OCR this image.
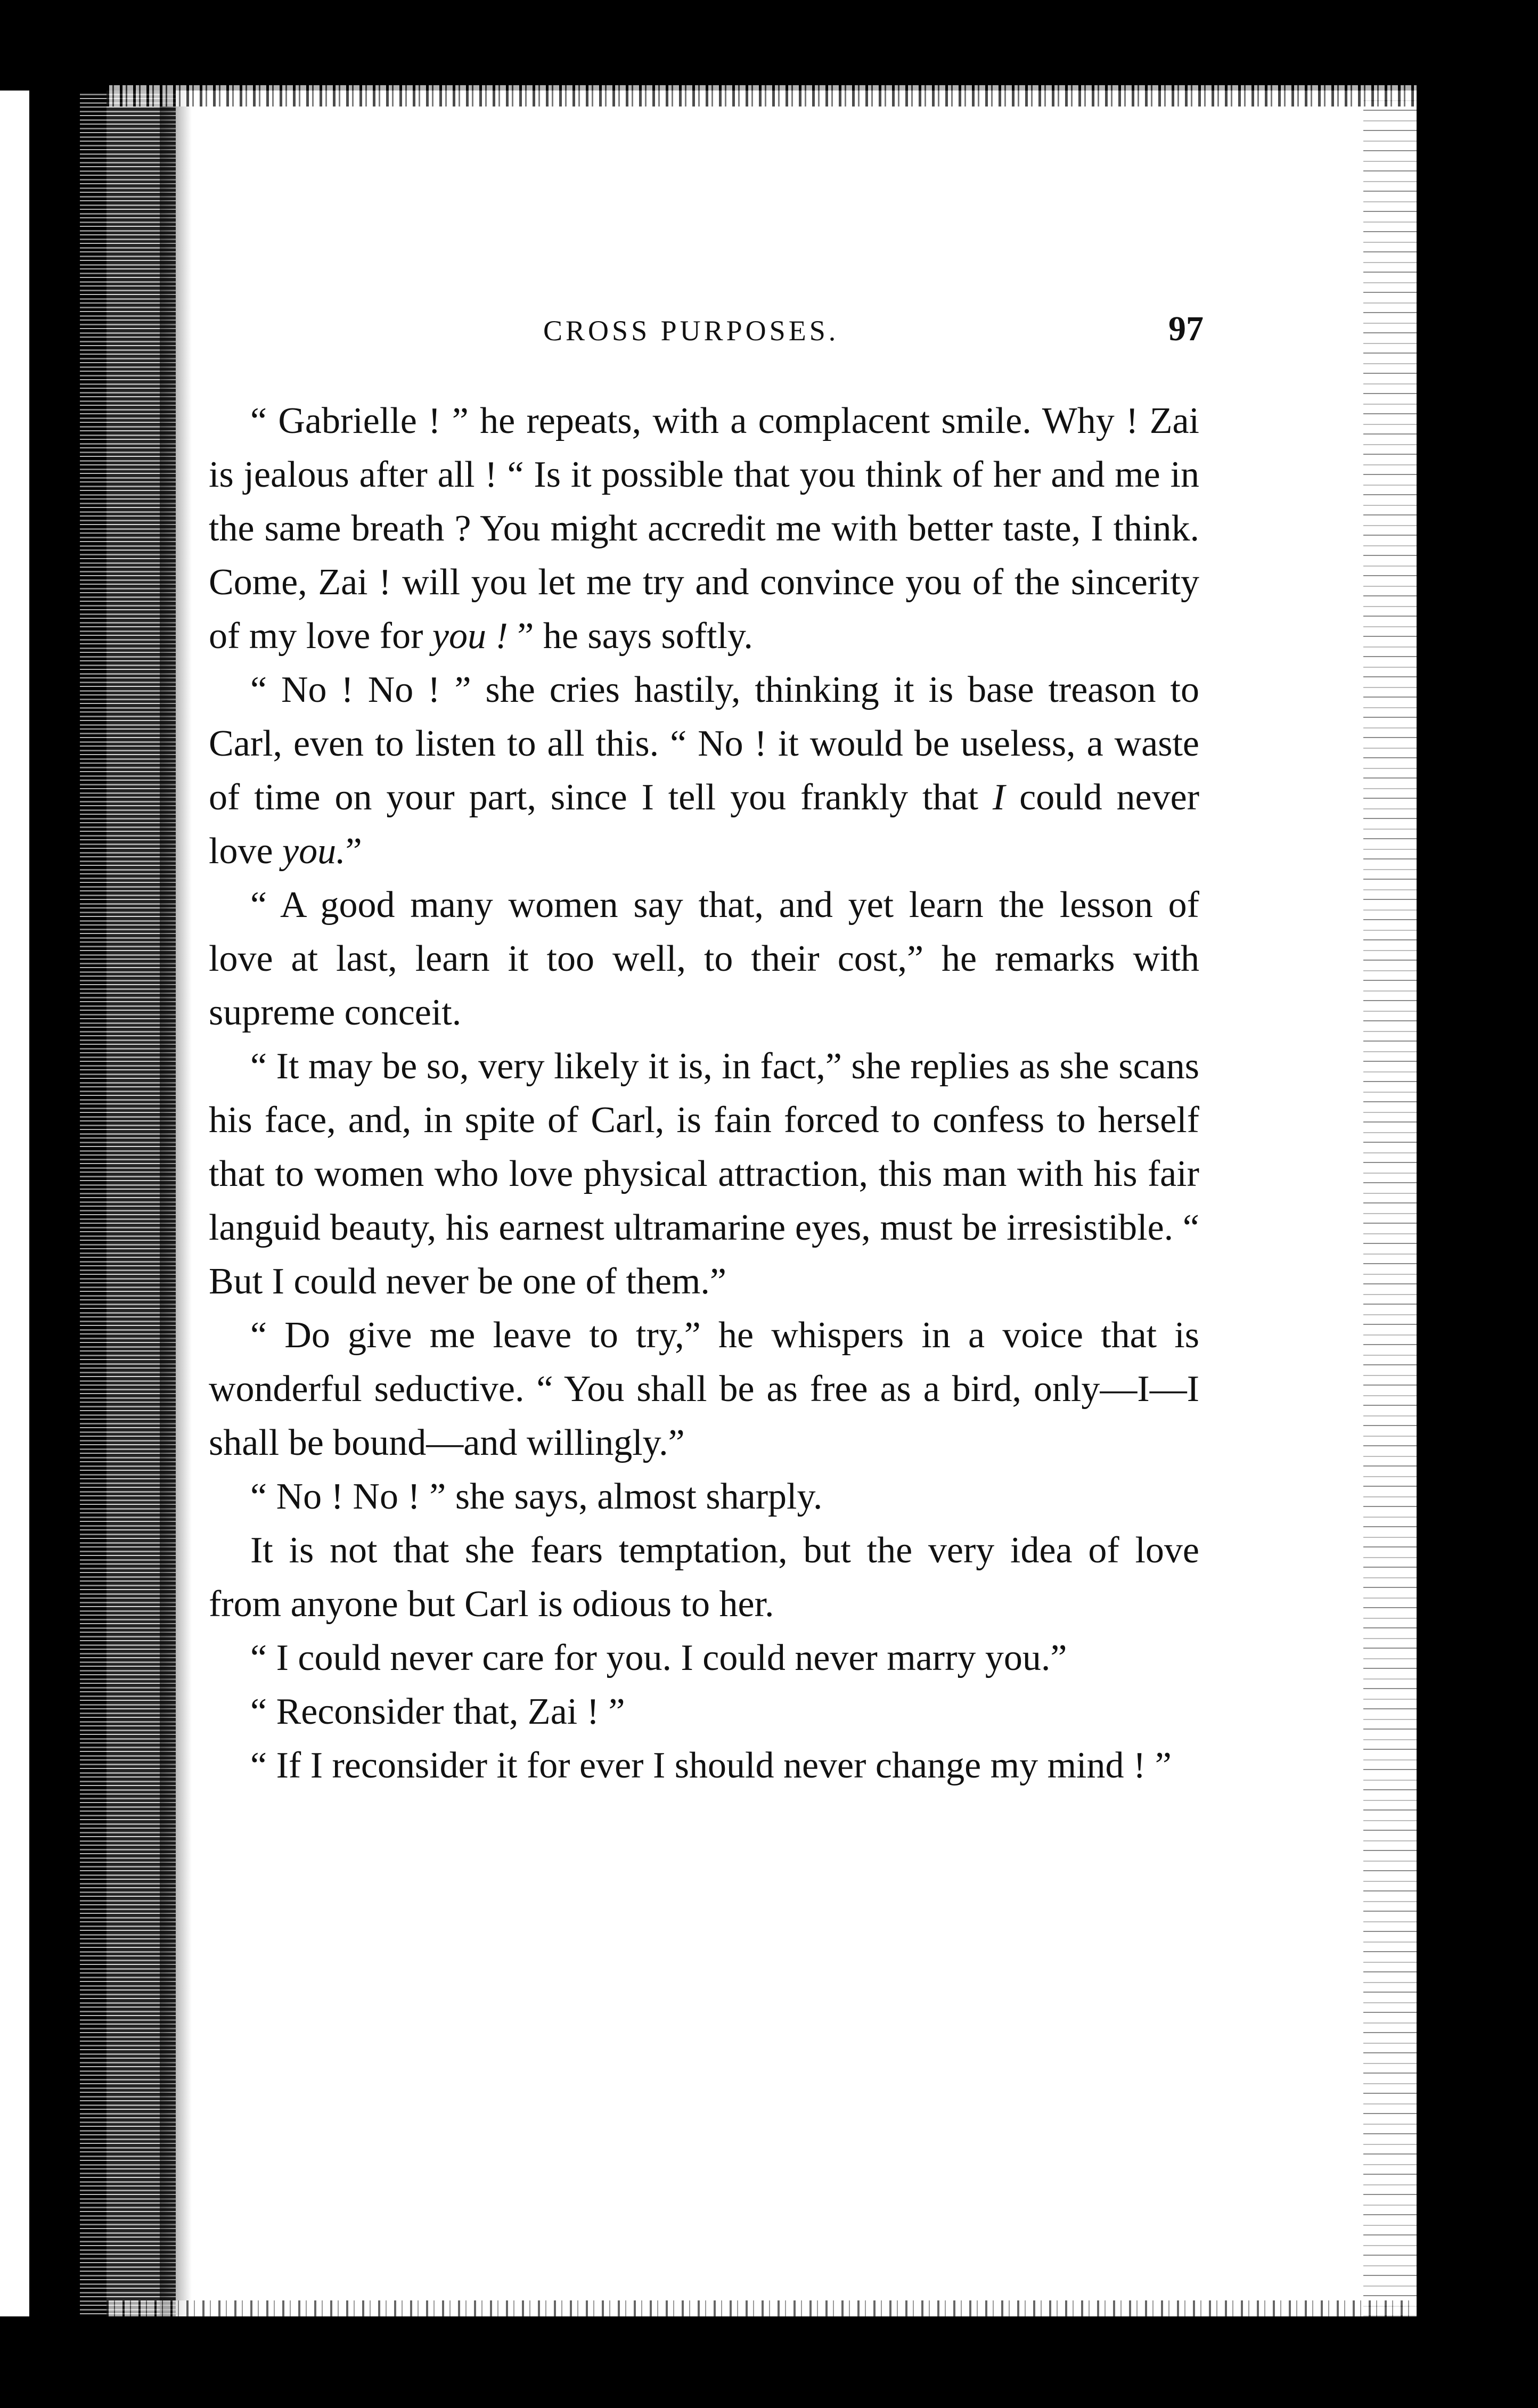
CROSS PURPOSES.	97

“ Gabrielle ! ” he repeats, with a complacent smile. Why ! Zai is jealous after all ! “ Is it possible that you think of her and me in the same breath ? You might accredit me with better taste, I think. Come, Zai ! will you let me try and convince you of the sincerity of my love for you ! ” he says softly.

“ No ! No ! ” she cries hastily, thinking it is base treason to Carl, even to listen to all this. “ No ! it would be useless, a waste of time on your part, since I tell you frankly that I could never love you.”

“ A good many women say that, and yet learn the lesson of love at last, learn it too well, to their cost,” he remarks with supreme conceit.

“ It may be so, very likely it is, in fact,” she replies as she scans his face, and, in spite of Carl, is fain forced to confess to herself that to women who love physical attraction, this man with his fair languid beauty, his earnest ultramarine eyes, must be irresistible. “ But I could never be one of them.”

“ Do give me leave to try,” he whispers in a voice that is wonderful seductive. “ You shall be as free as a bird, only—I—I shall be bound—and willingly.”

“ No ! No ! ” she says, almost sharply.

It is not that she fears temptation, but the very idea of love from anyone but Carl is odious to her.

“ I could never care for you. I could never marry you.”

“ Reconsider that, Zai ! ”

“ If I reconsider it for ever I should never change my mind ! ”
